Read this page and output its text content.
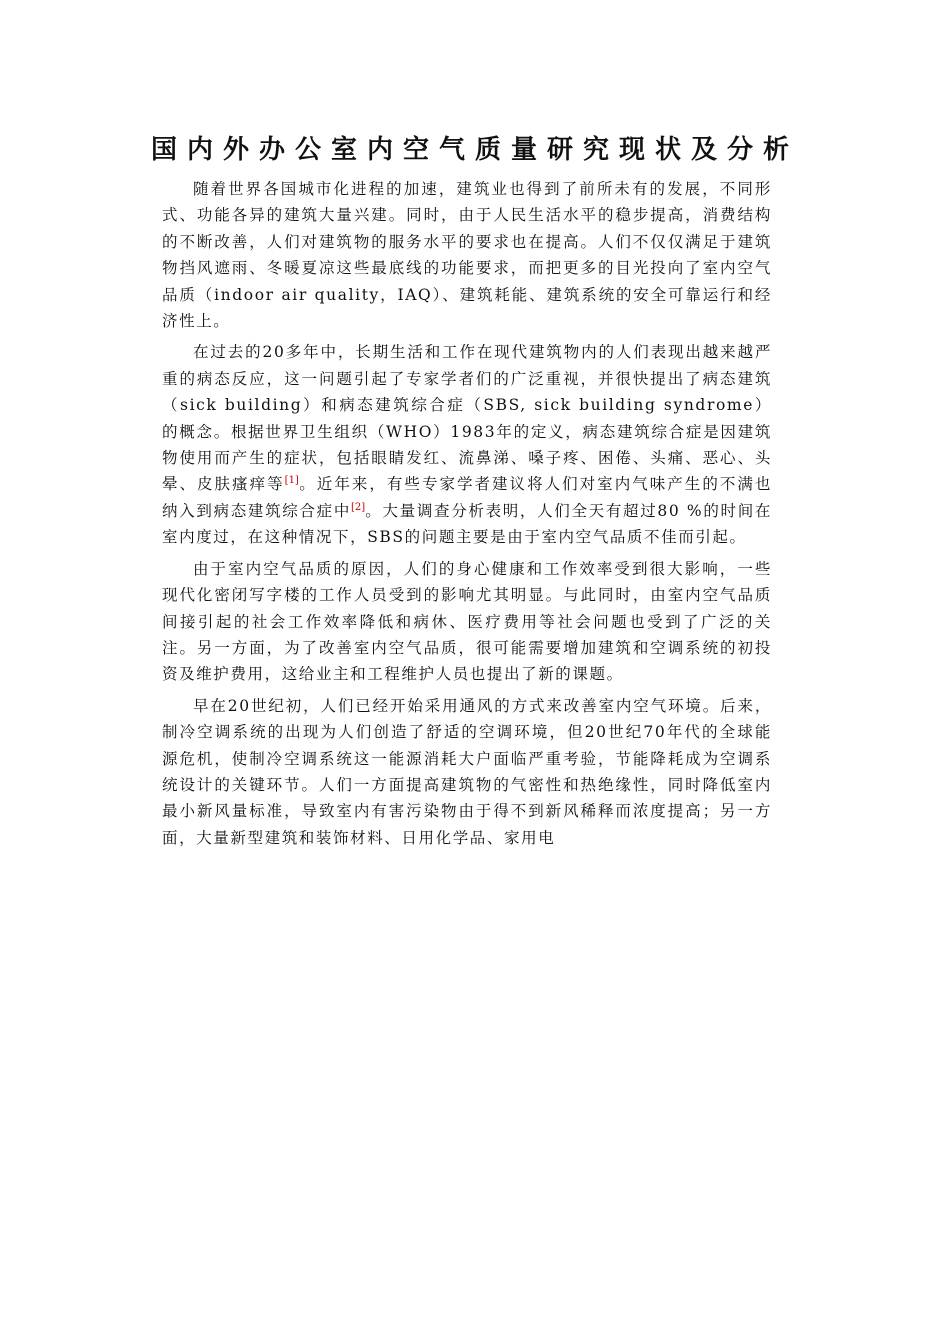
国内外办公室内空气质量研究现状及分析

随着世界各国城市化进程的加速，建筑业也得到了前所未有的发展，不同形式、功能各异的建筑大量兴建。同时，由于人民生活水平的稳步提高，消费结构的不断改善，人们对建筑物的服务水平的要求也在提高。人们不仅仅满足于建筑物挡风遮雨、冬暖夏凉这些最底线的功能要求，而把更多的目光投向了室内空气品质（indoor air quality，IAQ）、建筑耗能、建筑系统的安全可靠运行和经济性上。

在过去的20多年中，长期生活和工作在现代建筑物内的人们表现出越来越严重的病态反应，这一问题引起了专家学者们的广泛重视，并很快提出了病态建筑（sick building）和病态建筑综合症（SBS, sick building syndrome）的概念。根据世界卫生组织（WHO）1983年的定义，病态建筑综合症是因建筑物使用而产生的症状，包括眼睛发红、流鼻涕、嗓子疼、困倦、头痛、恶心、头晕、皮肤瘙痒等[1]。近年来，有些专家学者建议将人们对室内气味产生的不满也纳入到病态建筑综合症中[2]。大量调查分析表明，人们全天有超过80 %的时间在室内度过，在这种情况下，SBS的问题主要是由于室内空气品质不佳而引起。

由于室内空气品质的原因，人们的身心健康和工作效率受到很大影响，一些现代化密闭写字楼的工作人员受到的影响尤其明显。与此同时，由室内空气品质间接引起的社会工作效率降低和病休、医疗费用等社会问题也受到了广泛的关注。另一方面，为了改善室内空气品质，很可能需要增加建筑和空调系统的初投资及维护费用，这给业主和工程维护人员也提出了新的课题。

早在20世纪初，人们已经开始采用通风的方式来改善室内空气环境。后来，制冷空调系统的出现为人们创造了舒适的空调环境，但20世纪70年代的全球能源危机，使制冷空调系统这一能源消耗大户面临严重考验，节能降耗成为空调系统设计的关键环节。人们一方面提高建筑物的气密性和热绝缘性，同时降低室内最小新风量标准，导致室内有害污染物由于得不到新风稀释而浓度提高；另一方面，大量新型建筑和装饰材料、日用化学品、家用电
